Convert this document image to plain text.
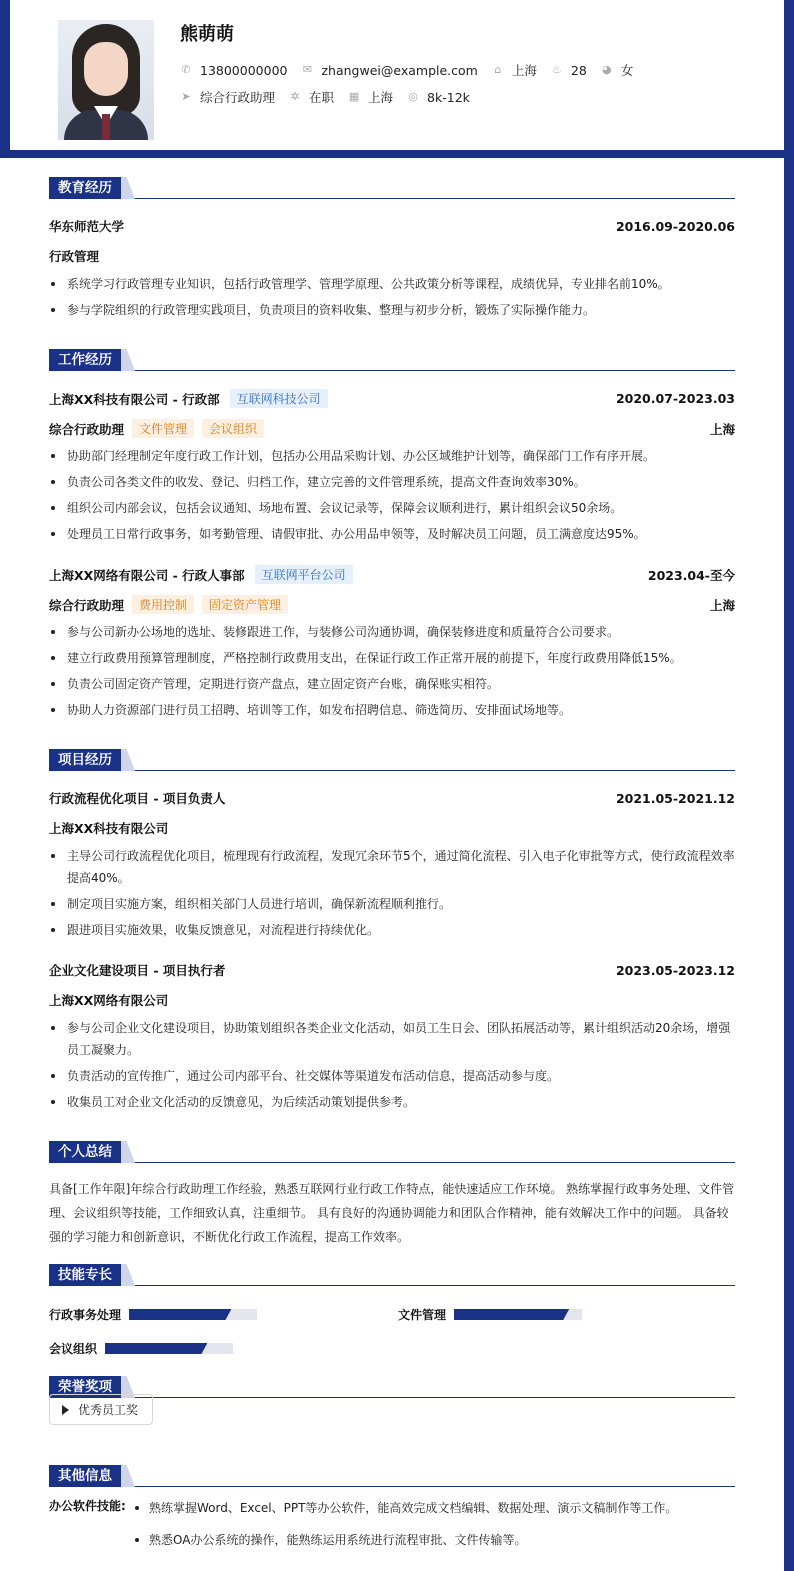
熊萌萌
✆ 13800000000 ✉ zhangwei@example.com ⌂ 上海 ♨ 28 ◕ 女
➤ 综合行政助理 ✲ 在职 ▦ 上海 ◎ 8k-12k
教育经历
华东师范大学	2016.09-2020.06
行政管理
系统学习行政管理专业知识，包括行政管理学、管理学原理、公共政策分析等课程，成绩优异，专业排名前10%。
参与学院组织的行政管理实践项目，负责项目的资料收集、整理与初步分析，锻炼了实际操作能力。
工作经历
上海XX科技有限公司 - 行政部	互联网科技公司	2020.07-2023.03
综合行政助理	文件管理	会议组织	上海
协助部门经理制定年度行政工作计划，包括办公用品采购计划、办公区域维护计划等，确保部门工作有序开展。
负责公司各类文件的收发、登记、归档工作，建立完善的文件管理系统，提高文件查询效率30%。
组织公司内部会议，包括会议通知、场地布置、会议记录等，保障会议顺利进行，累计组织会议50余场。
处理员工日常行政事务，如考勤管理、请假审批、办公用品申领等，及时解决员工问题，员工满意度达95%。
上海XX网络有限公司 - 行政人事部	互联网平台公司	2023.04-至今
综合行政助理	费用控制	固定资产管理	上海
参与公司新办公场地的选址、装修跟进工作，与装修公司沟通协调，确保装修进度和质量符合公司要求。
建立行政费用预算管理制度，严格控制行政费用支出，在保证行政工作正常开展的前提下，年度行政费用降低15%。
负责公司固定资产管理，定期进行资产盘点，建立固定资产台账，确保账实相符。
协助人力资源部门进行员工招聘、培训等工作，如发布招聘信息、筛选简历、安排面试场地等。
项目经历
行政流程优化项目 - 项目负责人	2021.05-2021.12
上海XX科技有限公司
主导公司行政流程优化项目，梳理现有行政流程，发现冗余环节5个，通过简化流程、引入电子化审批等方式，使行政流程效率提高40%。
制定项目实施方案，组织相关部门人员进行培训，确保新流程顺利推行。
跟进项目实施效果，收集反馈意见，对流程进行持续优化。
企业文化建设项目 - 项目执行者	2023.05-2023.12
上海XX网络有限公司
参与公司企业文化建设项目，协助策划组织各类企业文化活动，如员工生日会、团队拓展活动等，累计组织活动20余场，增强员工凝聚力。
负责活动的宣传推广，通过公司内部平台、社交媒体等渠道发布活动信息，提高活动参与度。
收集员工对企业文化活动的反馈意见，为后续活动策划提供参考。
个人总结
具备[工作年限]年综合行政助理工作经验，熟悉互联网行业行政工作特点，能快速适应工作环境。 熟练掌握行政事务处理、文件管理、会议组织等技能，工作细致认真，注重细节。 具有良好的沟通协调能力和团队合作精神，能有效解决工作中的问题。 具备较强的学习能力和创新意识，不断优化行政工作流程，提高工作效率。
技能专长
行政事务处理	文件管理
会议组织
荣誉奖项
优秀员工奖
其他信息
办公软件技能:	熟练掌握Word、Excel、PPT等办公软件，能高效完成文档编辑、数据处理、演示文稿制作等工作。
熟悉OA办公系统的操作，能熟练运用系统进行流程审批、文件传输等。
